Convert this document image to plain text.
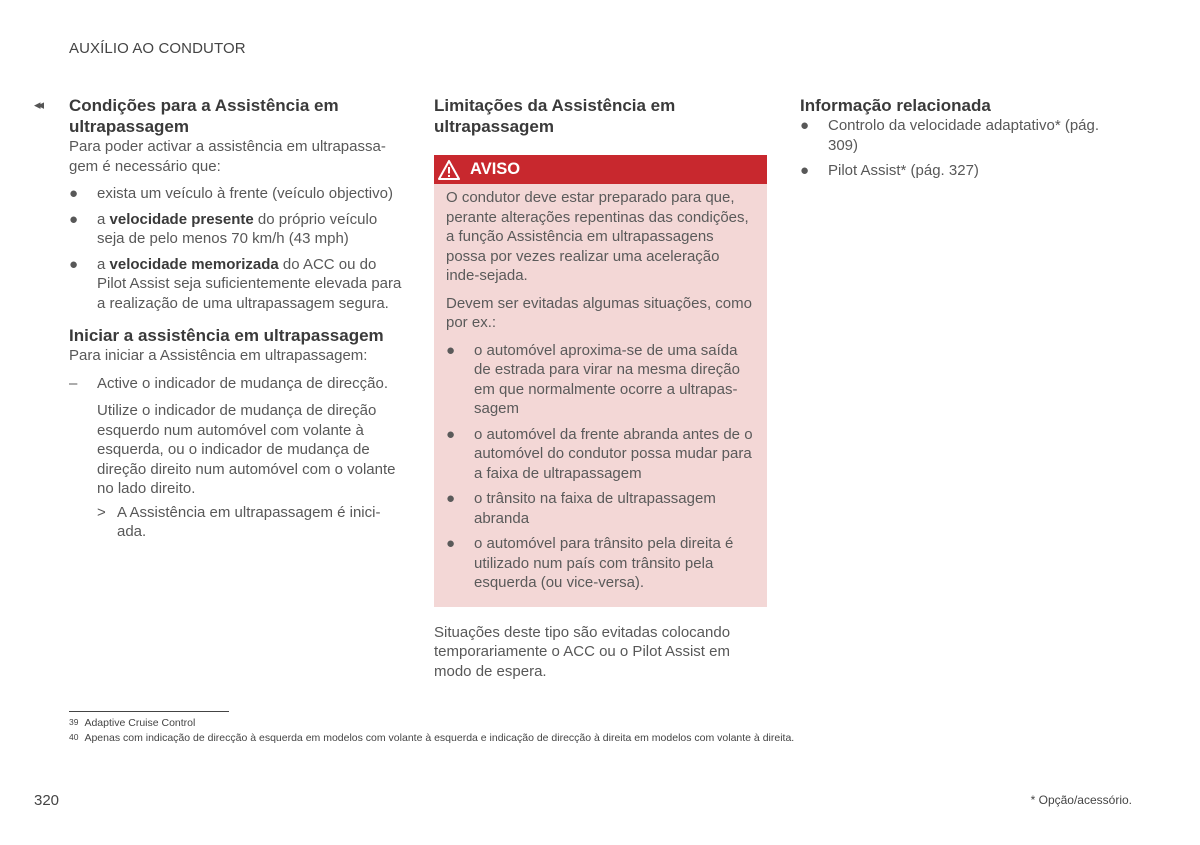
AUXÍLIO AO CONDUTOR
◂◂ Condições para a Assistência em ultrapassagem

Para poder activar a assistência em ultrapassa-gem é necessário que:

● exista um veículo à frente (veículo objectivo)
● a velocidade presente do próprio veículo seja de pelo menos 70 km/h (43 mph)
● a velocidade memorizada do ACC ou do Pilot Assist seja suficientemente elevada para a realização de uma ultrapassagem segura.
Iniciar a assistência em ultrapassagem

Para iniciar a Assistência em ultrapassagem:

– Active o indicador de mudança de direcção.

Utilize o indicador de mudança de direção esquerdo num automóvel com volante à esquerda, ou o indicador de mudança de direção direito num automóvel com o volante no lado direito.

> A Assistência em ultrapassagem é inici-ada.
Limitações da Assistência em ultrapassagem
AVISO

O condutor deve estar preparado para que, perante alterações repentinas das condições, a função Assistência em ultrapassagens possa por vezes realizar uma aceleração inde-sejada.

Devem ser evitadas algumas situações, como por ex.:

● o automóvel aproxima-se de uma saída de estrada para virar na mesma direção em que normalmente ocorre a ultrapas-sagem
● o automóvel da frente abranda antes de o automóvel do condutor possa mudar para a faixa de ultrapassagem
● o trânsito na faixa de ultrapassagem abranda
● o automóvel para trânsito pela direita é utilizado num país com trânsito pela esquerda (ou vice-versa).

Situações deste tipo são evitadas colocando temporariamente o ACC ou o Pilot Assist em modo de espera.

Informação relacionada
● Controlo da velocidade adaptativo* (pág. 309)
● Pilot Assist* (pág. 327)
$^{39}$ Adaptive Cruise Control
$^{40}$ Apenas com indicação de direcção à esquerda em modelos com volante à esquerda e indicação de direcção à direita em modelos com volante à direita.
320	* Opção/acessório.
